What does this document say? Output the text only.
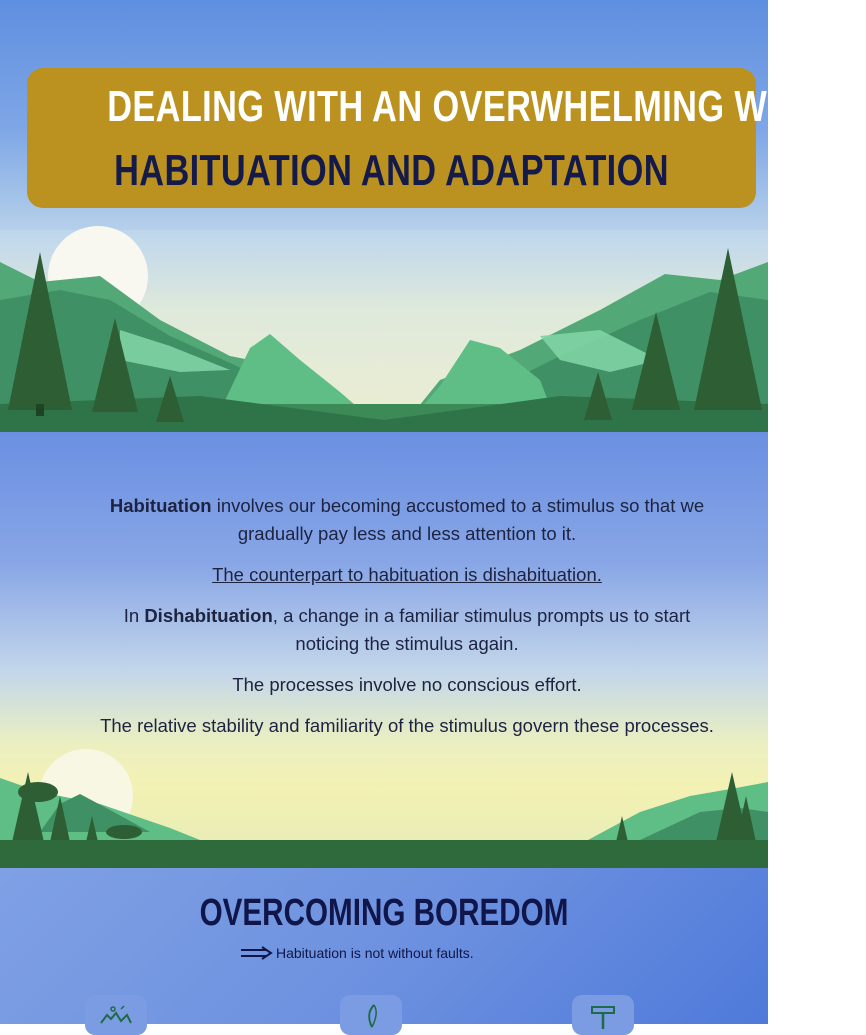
DEALING WITH AN OVERWHELMING WORLD
HABITUATION AND ADAPTATION

Habituation involves our becoming accustomed to a stimulus so that we gradually pay less and less attention to it.

The counterpart to habituation is dishabituation.

In Dishabituation, a change in a familiar stimulus prompts us to start noticing the stimulus again.

The processes involve no conscious effort.

The relative stability and familiarity of the stimulus govern these processes.

OVERCOMING BOREDOM
Habituation is not without faults.
